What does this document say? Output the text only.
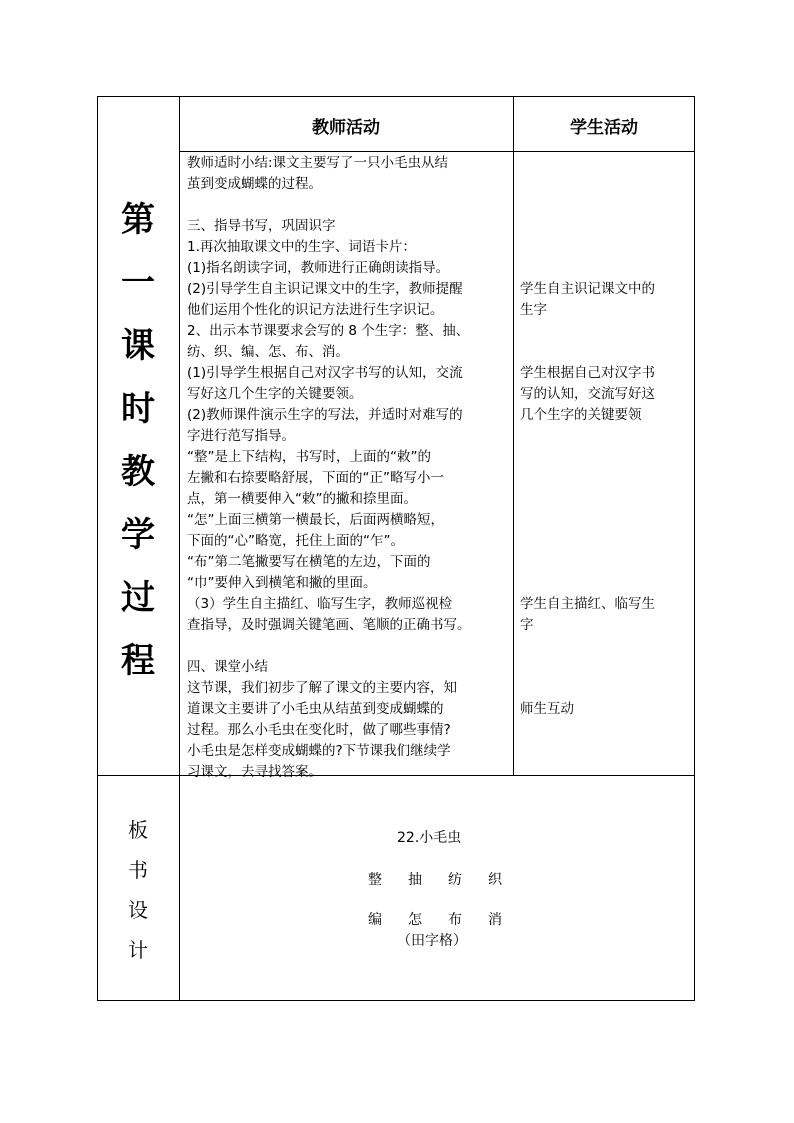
教师活动	学生活动
第
一
课
时
教
学
过
程
教师适时小结:课文主要写了一只小毛虫从结
茧到变成蝴蝶的过程。
三、指导书写，巩固识字
1.再次抽取课文中的生字、词语卡片：
(1)指名朗读字词，教师进行正确朗读指导。
(2)引导学生自主识记课文中的生字，教师提醒
他们运用个性化的识记方法进行生字识记。
2、出示本节课要求会写的 8 个生字：整、抽、
纺、织、编、怎、布、消。
(1)引导学生根据自己对汉字书写的认知，交流
写好这几个生字的关键要领。
(2)教师课件演示生字的写法，并适时对难写的
字进行范写指导。
“整”是上下结构，书写时，上面的“敕”的
左撇和右捺要略舒展，下面的“正”略写小一
点，第一横要伸入“敕”的撇和捺里面。
“怎”上面三横第一横最长，后面两横略短，
下面的“心”略宽，托住上面的“乍”。
“布”第二笔撇要写在横笔的左边，下面的
“巾”要伸入到横笔和撇的里面。
（3）学生自主描红、临写生字，教师巡视检
查指导，及时强调关键笔画、笔顺的正确书写。
四、课堂小结
这节课，我们初步了解了课文的主要内容，知
道课文主要讲了小毛虫从结茧到变成蝴蝶的
过程。那么小毛虫在变化时，做了哪些事情?
小毛虫是怎样变成蝴蝶的?下节课我们继续学
习课文，去寻找答案。
学生自主识记课文中的
生字
学生根据自己对汉字书
写的认知，交流写好这
几个生字的关键要领
学生自主描红、临写生
字
师生互动
板
书
设
计
22.小毛虫
整 抽 纺 织
编 怎 布 消
（田字格）
